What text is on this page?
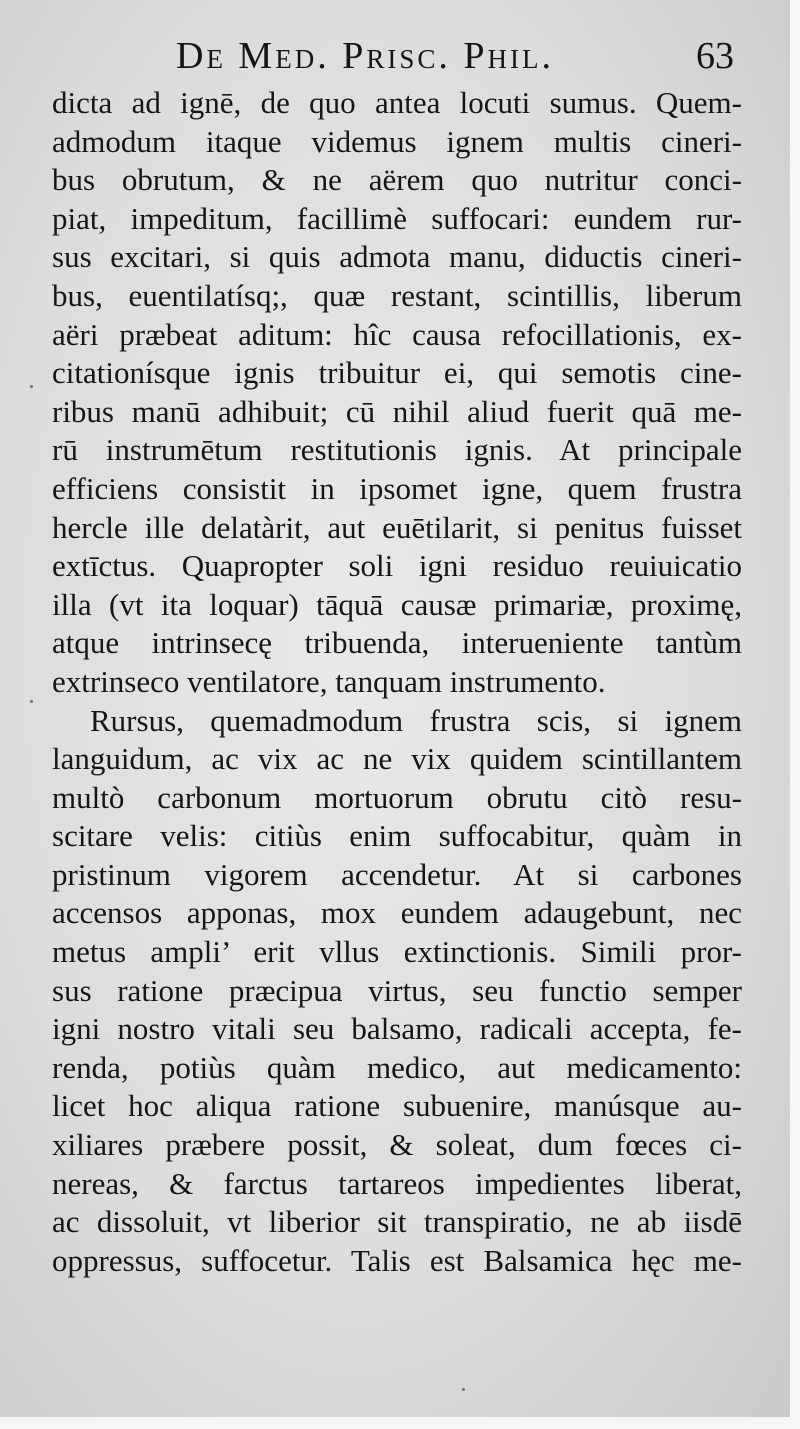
De Med. Prisc. Phil.	63
dicta ad ignē, de quo antea locuti sumus. Quem-
admodum itaque videmus ignem multis cineri-
bus obrutum, & ne aërem quo nutritur conci-
piat, impeditum, facillimè suffocari: eundem rur-
sus excitari, si quis admota manu, diductis cineri-
bus, euentilatísq;, quæ restant, scintillis, liberum
aëri præbeat aditum: hîc causa refocillationis, ex-
citationísque ignis tribuitur ei, qui semotis cine-
ribus manū adhibuit; cū nihil aliud fuerit quā me-
rū instrumētum restitutionis ignis. At principale
efficiens consistit in ipsomet igne, quem frustra
hercle ille delatàrit, aut euētilarit, si penitus fuisset
extīctus. Quapropter soli igni residuo reuiuicatio
illa (vt ita loquar) tāquā causæ primariæ, proximę,
atque intrinsecę tribuenda, interueniente tantùm
extrinseco ventilatore, tanquam instrumento.
Rursus, quemadmodum frustra scis, si ignem
languidum, ac vix ac ne vix quidem scintillantem
multò carbonum mortuorum obrutu citò resu-
scitare velis: citiùs enim suffocabitur, quàm in
pristinum vigorem accendetur. At si carbones
accensos apponas, mox eundem adaugebunt, nec
metus ampli’ erit vllus extinctionis. Simili pror-
sus ratione præcipua virtus, seu functio semper
igni nostro vitali seu balsamo, radicali accepta, fe-
renda, potiùs quàm medico, aut medicamento:
licet hoc aliqua ratione subuenire, manúsque au-
xiliares præbere possit, & soleat, dum fœces ci-
nereas, & farctus tartareos impedientes liberat,
ac dissoluit, vt liberior sit transpiratio, ne ab iisdē
oppressus, suffocetur. Talis est Balsamica hęc me-
